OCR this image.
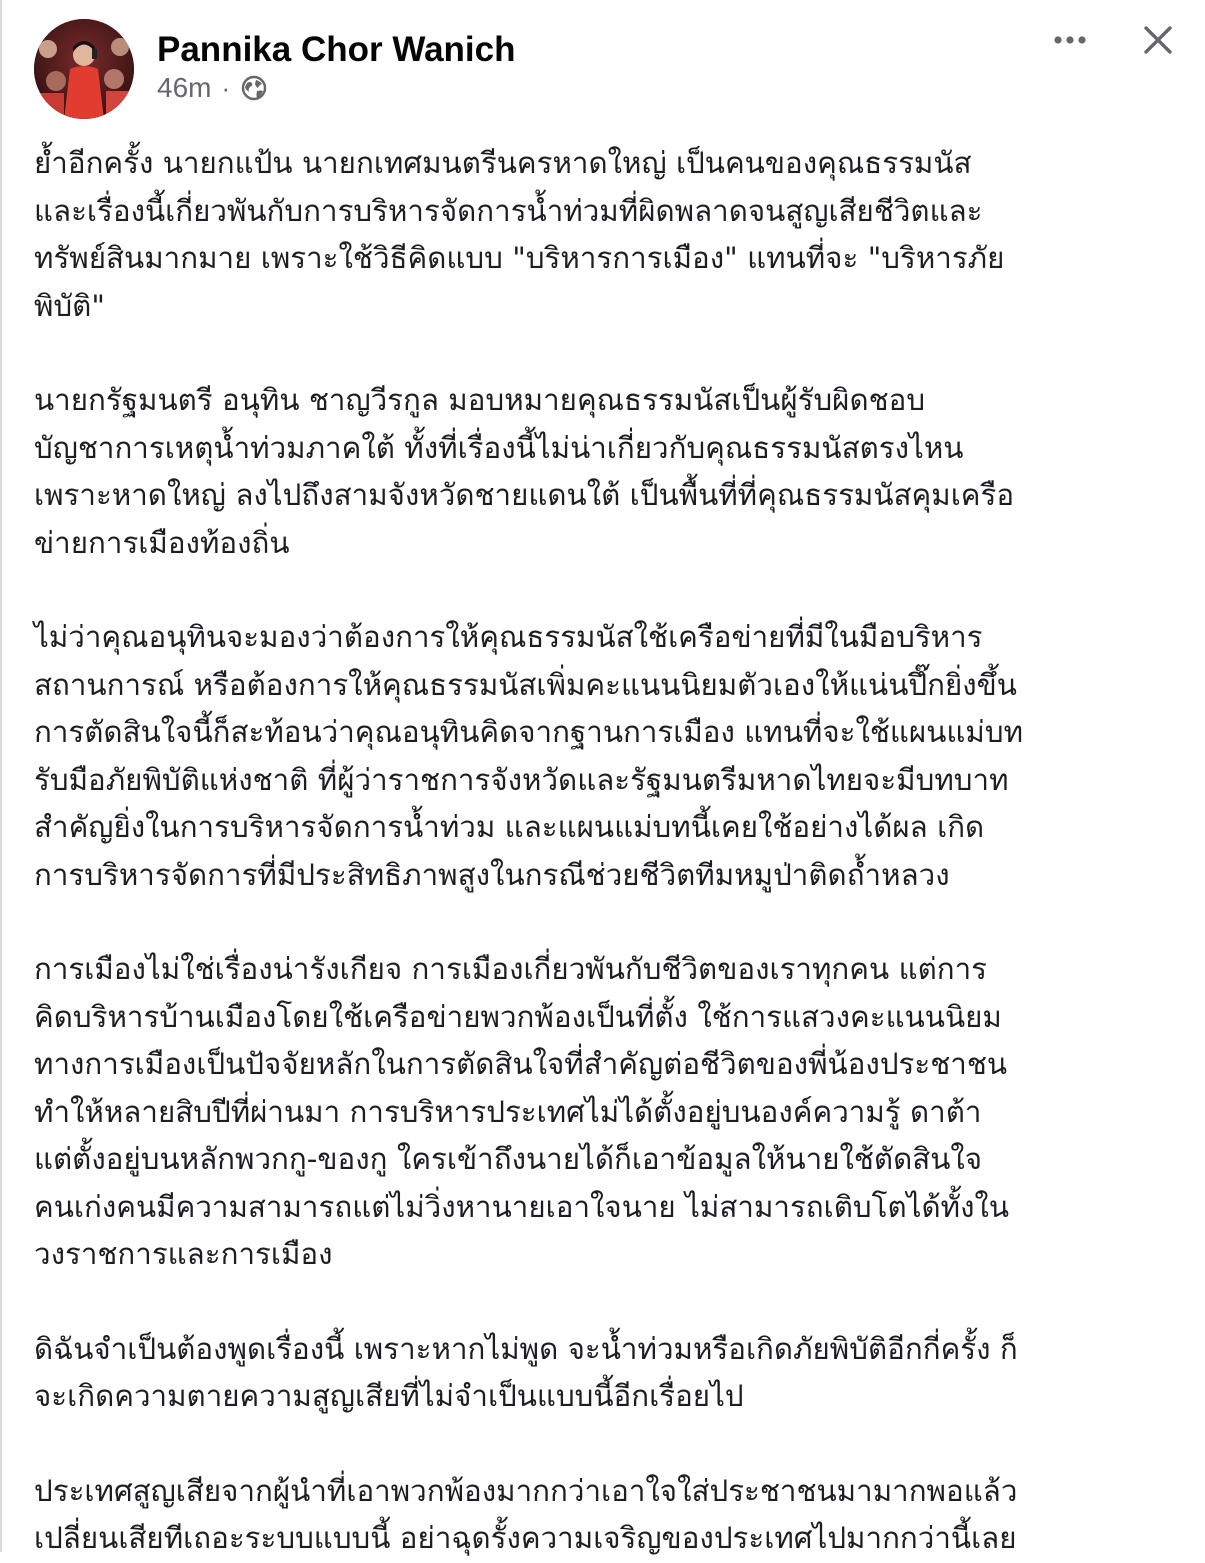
Pannika Chor Wanich
46m ·

ย้ำอีกครั้ง นายกแป้น นายกเทศมนตรีนครหาดใหญ่ เป็นคนของคุณธรรมนัส
และเรื่องนี้เกี่ยวพันกับการบริหารจัดการน้ำท่วมที่ผิดพลาดจนสูญเสียชีวิตและ
ทรัพย์สินมากมาย เพราะใช้วิธีคิดแบบ "บริหารการเมือง" แทนที่จะ "บริหารภัย
พิบัติ"

นายกรัฐมนตรี อนุทิน ชาญวีรกูล มอบหมายคุณธรรมนัสเป็นผู้รับผิดชอบ
บัญชาการเหตุน้ำท่วมภาคใต้ ทั้งที่เรื่องนี้ไม่น่าเกี่ยวกับคุณธรรมนัสตรงไหน
เพราะหาดใหญ่ ลงไปถึงสามจังหวัดชายแดนใต้ เป็นพื้นที่ที่คุณธรรมนัสคุมเครือ
ข่ายการเมืองท้องถิ่น

ไม่ว่าคุณอนุทินจะมองว่าต้องการให้คุณธรรมนัสใช้เครือข่ายที่มีในมือบริหาร
สถานการณ์ หรือต้องการให้คุณธรรมนัสเพิ่มคะแนนนิยมตัวเองให้แน่นปึ๊กยิ่งขึ้น
การตัดสินใจนี้ก็สะท้อนว่าคุณอนุทินคิดจากฐานการเมือง แทนที่จะใช้แผนแม่บท
รับมือภัยพิบัติแห่งชาติ ที่ผู้ว่าราชการจังหวัดและรัฐมนตรีมหาดไทยจะมีบทบาท
สำคัญยิ่งในการบริหารจัดการน้ำท่วม และแผนแม่บทนี้เคยใช้อย่างได้ผล เกิด
การบริหารจัดการที่มีประสิทธิภาพสูงในกรณีช่วยชีวิตทีมหมูป่าติดถ้ำหลวง

การเมืองไม่ใช่เรื่องน่ารังเกียจ การเมืองเกี่ยวพันกับชีวิตของเราทุกคน แต่การ
คิดบริหารบ้านเมืองโดยใช้เครือข่ายพวกพ้องเป็นที่ตั้ง ใช้การแสวงคะแนนนิยม
ทางการเมืองเป็นปัจจัยหลักในการตัดสินใจที่สำคัญต่อชีวิตของพี่น้องประชาชน
ทำให้หลายสิบปีที่ผ่านมา การบริหารประเทศไม่ได้ตั้งอยู่บนองค์ความรู้ ดาต้า
แต่ตั้งอยู่บนหลักพวกกู-ของกู ใครเข้าถึงนายได้ก็เอาข้อมูลให้นายใช้ตัดสินใจ
คนเก่งคนมีความสามารถแต่ไม่วิ่งหานายเอาใจนาย ไม่สามารถเติบโตได้ทั้งใน
วงราชการและการเมือง

ดิฉันจำเป็นต้องพูดเรื่องนี้ เพราะหากไม่พูด จะน้ำท่วมหรือเกิดภัยพิบัติอีกกี่ครั้ง ก็
จะเกิดความตายความสูญเสียที่ไม่จำเป็นแบบนี้อีกเรื่อยไป

ประเทศสูญเสียจากผู้นำที่เอาพวกพ้องมากกว่าเอาใจใส่ประชาชนมามากพอแล้ว
เปลี่ยนเสียทีเถอะระบบแบบนี้ อย่าฉุดรั้งความเจริญของประเทศไปมากกว่านี้เลย
